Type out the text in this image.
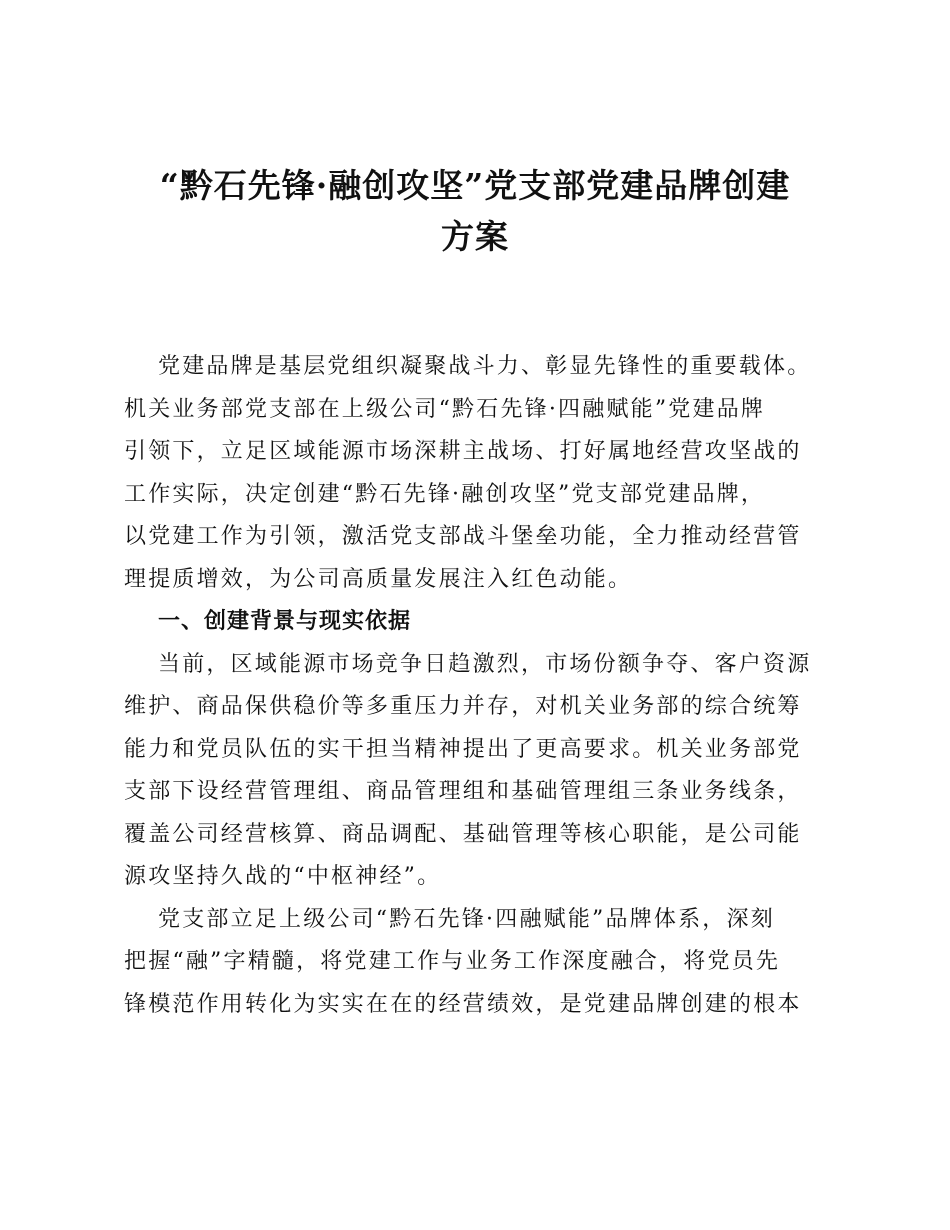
“黔石先锋·融创攻坚”党支部党建品牌创建
方案

党建品牌是基层党组织凝聚战斗力、彰显先锋性的重要载体。
机关业务部党支部在上级公司“黔石先锋·四融赋能”党建品牌
引领下，立足区域能源市场深耕主战场、打好属地经营攻坚战的
工作实际，决定创建“黔石先锋·融创攻坚”党支部党建品牌，
以党建工作为引领，激活党支部战斗堡垒功能，全力推动经营管
理提质增效，为公司高质量发展注入红色动能。

一、创建背景与现实依据

当前，区域能源市场竞争日趋激烈，市场份额争夺、客户资源
维护、商品保供稳价等多重压力并存，对机关业务部的综合统筹
能力和党员队伍的实干担当精神提出了更高要求。机关业务部党
支部下设经营管理组、商品管理组和基础管理组三条业务线条，
覆盖公司经营核算、商品调配、基础管理等核心职能，是公司能
源攻坚持久战的“中枢神经”。

党支部立足上级公司“黔石先锋·四融赋能”品牌体系，深刻
把握“融”字精髓，将党建工作与业务工作深度融合，将党员先
锋模范作用转化为实实在在的经营绩效，是党建品牌创建的根本
